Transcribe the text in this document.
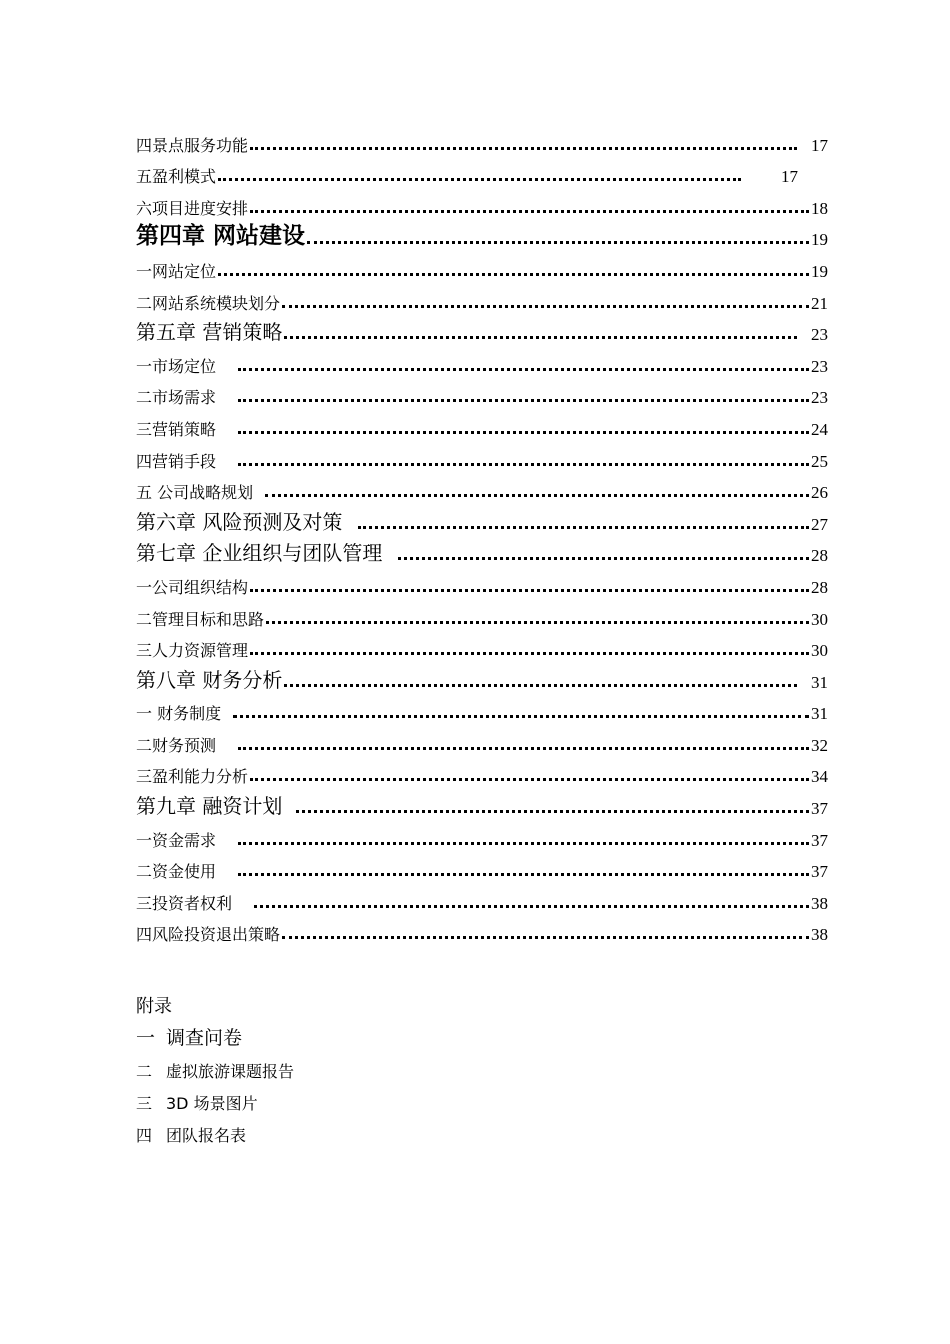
四景点服务功能	17
五盈利模式	17
六项目进度安排	18
第四章 网站建设	19
一网站定位	19
二网站系统模块划分	21
第五章 营销策略	23
一市场定位	23
二市场需求	23
三营销策略	24
四营销手段	25
五 公司战略规划	26
第六章 风险预测及对策	27
第七章 企业组织与团队管理	28
一公司组织结构	28
二管理目标和思路	30
三人力资源管理	30
第八章 财务分析	31
一 财务制度	31
二财务预测	32
三盈利能力分析	34
第九章 融资计划	37
一资金需求	37
二资金使用	37
三投资者权利	38
四风险投资退出策略	38
附录
一 调查问卷
二 虚拟旅游课题报告
三 3D 场景图片
四 团队报名表
